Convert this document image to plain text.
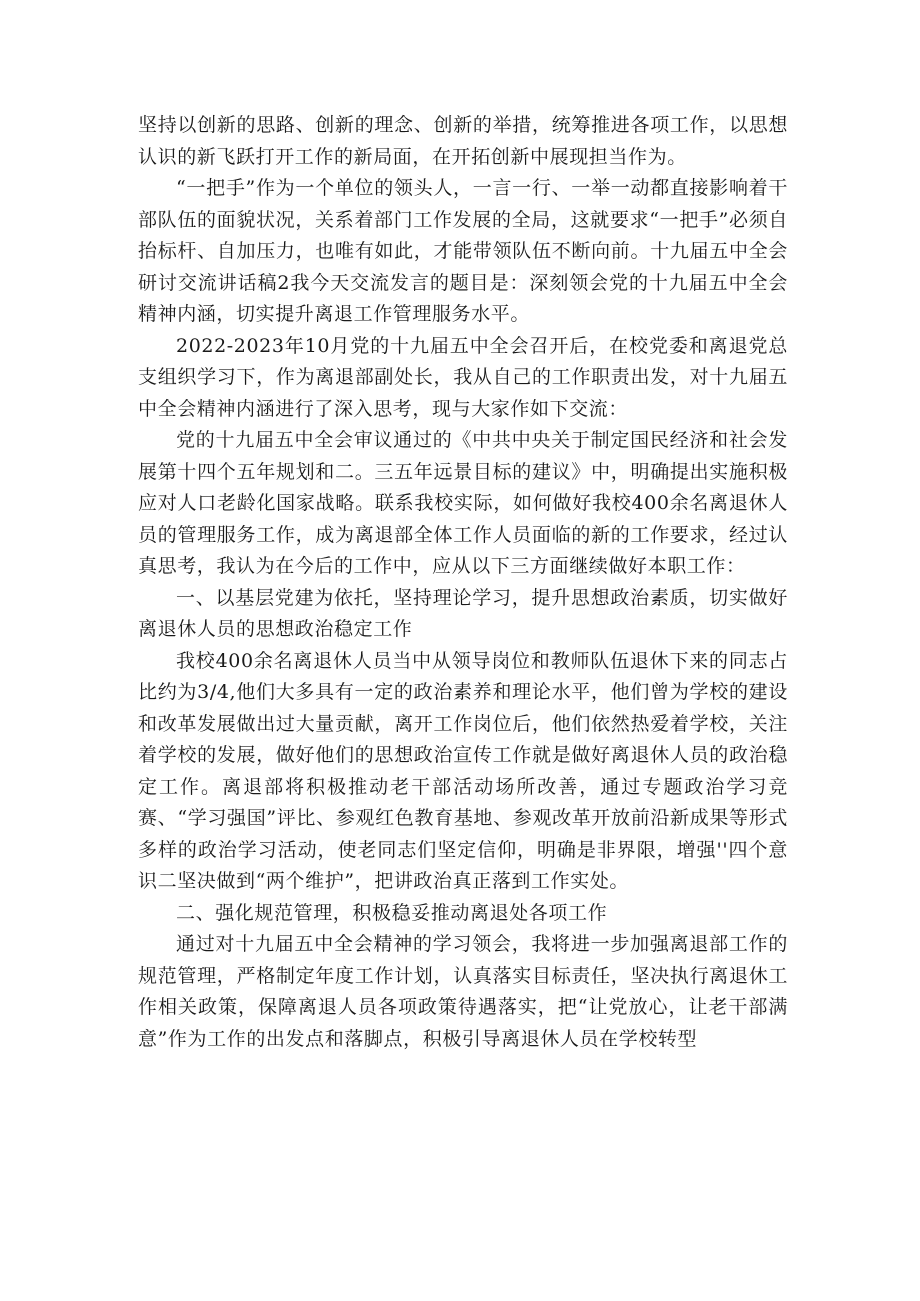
坚持以创新的思路、创新的理念、创新的举措，统筹推进各项工作，以思想认识的新飞跃打开工作的新局面，在开拓创新中展现担当作为。

“一把手”作为一个单位的领头人，一言一行、一举一动都直接影响着干部队伍的面貌状况，关系着部门工作发展的全局，这就要求“一把手”必须自抬标杆、自加压力，也唯有如此，才能带领队伍不断向前。十九届五中全会研讨交流讲话稿2我今天交流发言的题目是：深刻领会党的十九届五中全会精神内涵，切实提升离退工作管理服务水平。

2022-2023年10月党的十九届五中全会召开后，在校党委和离退党总支组织学习下，作为离退部副处长，我从自己的工作职责出发，对十九届五中全会精神内涵进行了深入思考，现与大家作如下交流：

党的十九届五中全会审议通过的《中共中央关于制定国民经济和社会发展第十四个五年规划和二。三五年远景目标的建议》中，明确提出实施积极应对人口老龄化国家战略。联系我校实际，如何做好我校400余名离退休人员的管理服务工作，成为离退部全体工作人员面临的新的工作要求，经过认真思考，我认为在今后的工作中，应从以下三方面继续做好本职工作：

一、以基层党建为依托，坚持理论学习，提升思想政治素质，切实做好离退休人员的思想政治稳定工作

我校400余名离退休人员当中从领导岗位和教师队伍退休下来的同志占比约为3/4,他们大多具有一定的政治素养和理论水平，他们曾为学校的建设和改革发展做出过大量贡献，离开工作岗位后，他们依然热爱着学校，关注着学校的发展，做好他们的思想政治宣传工作就是做好离退休人员的政治稳定工作。离退部将积极推动老干部活动场所改善，通过专题政治学习竞赛、“学习强国”评比、参观红色教育基地、参观改革开放前沿新成果等形式多样的政治学习活动，使老同志们坚定信仰，明确是非界限，增强''四个意识二坚决做到“两个维护”，把讲政治真正落到工作实处。

二、强化规范管理，积极稳妥推动离退处各项工作

通过对十九届五中全会精神的学习领会，我将进一步加强离退部工作的规范管理，严格制定年度工作计划，认真落实目标责任，坚决执行离退休工作相关政策，保障离退人员各项政策待遇落实，把“让党放心，让老干部满意”作为工作的出发点和落脚点，积极引导离退休人员在学校转型
